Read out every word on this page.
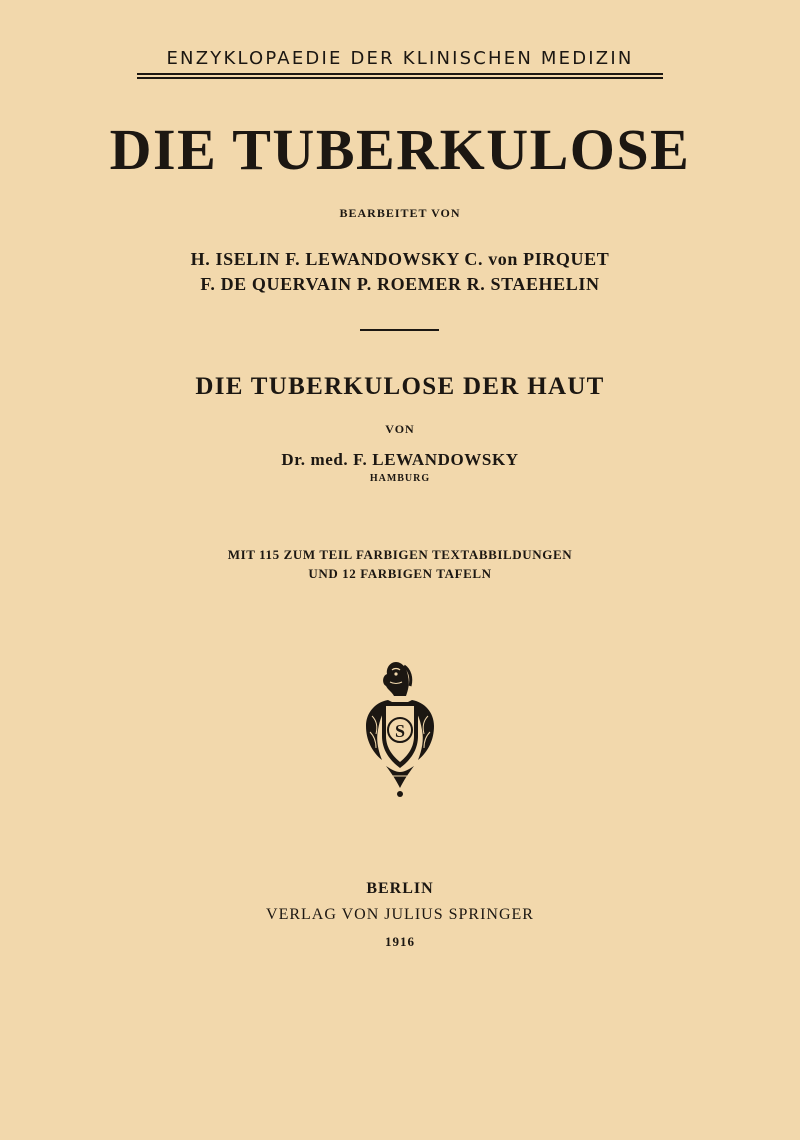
ENZYKLOPAEDIE DER KLINISCHEN MEDIZIN
DIE TUBERKULOSE
BEARBEITET VON
H. ISELIN F. LEWANDOWSKY C. von PIRQUET
F. DE QUERVAIN P. ROEMER R. STAEHELIN
DIE TUBERKULOSE DER HAUT
VON
Dr. med. F. LEWANDOWSKY
HAMBURG
MIT 115 ZUM TEIL FARBIGEN TEXTABBILDUNGEN
UND 12 FARBIGEN TAFELN
S
BERLIN
VERLAG VON JULIUS SPRINGER
1916
